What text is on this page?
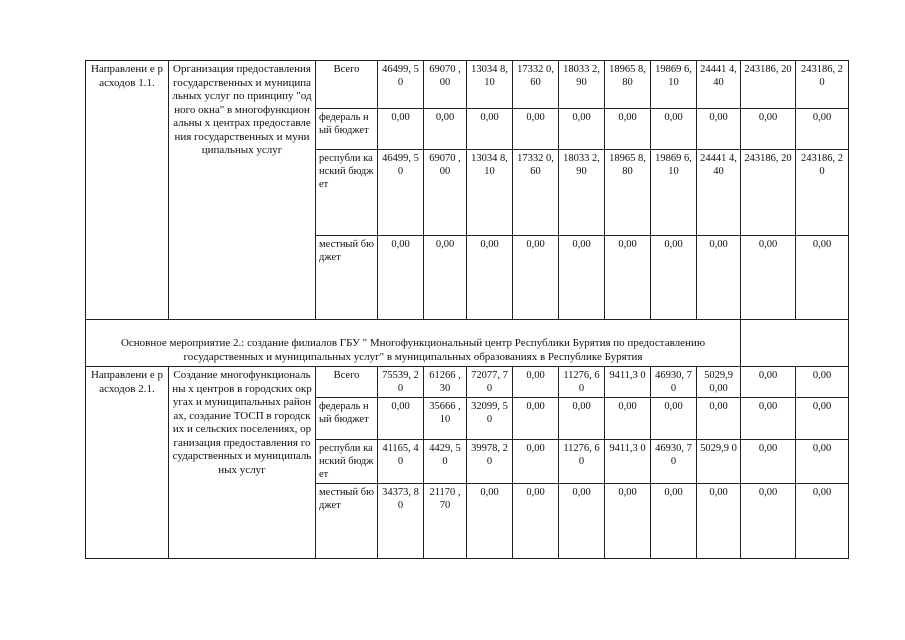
Направлени е расходов 1.1.	Организация предоставления государственных и муниципальных услуг по принципу "одного окна" в многофункциональны х центрах предоставления государственных и муниципальных услуг	Всего	46499, 50	69070 ,00	13034 8,10	17332 0,60	18033 2,90	18965 8,80	19869 6,10	24441 4,40	243186, 20	243186, 20
		федераль ный бюджет	0,00	0,00	0,00	0,00	0,00	0,00	0,00	0,00	0,00	0,00
		республи канский бюджет	46499, 50	69070 ,00	13034 8,10	17332 0,60	18033 2,90	18965 8,80	19869 6,10	24441 4,40	243186, 20	243186, 20
		местный бюджет	0,00	0,00	0,00	0,00	0,00	0,00	0,00	0,00	0,00	0,00
Основное мероприятие 2.: создание филиалов ГБУ " Многофункциональный центр Республики Бурятия по предоставлению государственных и муниципальных услуг" в муниципальных образованиях в Республике Бурятия												
Направлени е расходов 2.1.	Создание многофункциональны х центров в городских округах и муниципальных районах, создание ТОСП в городских и сельских поселениях, организация предоставления государственных и муниципальных услуг	Всего	75539, 20	61266 ,30	72077, 70	0,00	11276, 60	9411,3 0	46930, 70	5029,9 0,00	0,00	0,00
		федераль ный бюджет	0,00	35666 ,10	32099, 50	0,00	0,00	0,00	0,00	0,00	0,00	0,00
		республи канский бюджет	41165, 40	4429, 50	39978, 20	0,00	11276, 60	9411,3 0	46930, 70	5029,9 0	0,00	0,00
		местный бюджет	34373, 80	21170 ,70	0,00	0,00	0,00	0,00	0,00	0,00	0,00	0,00
